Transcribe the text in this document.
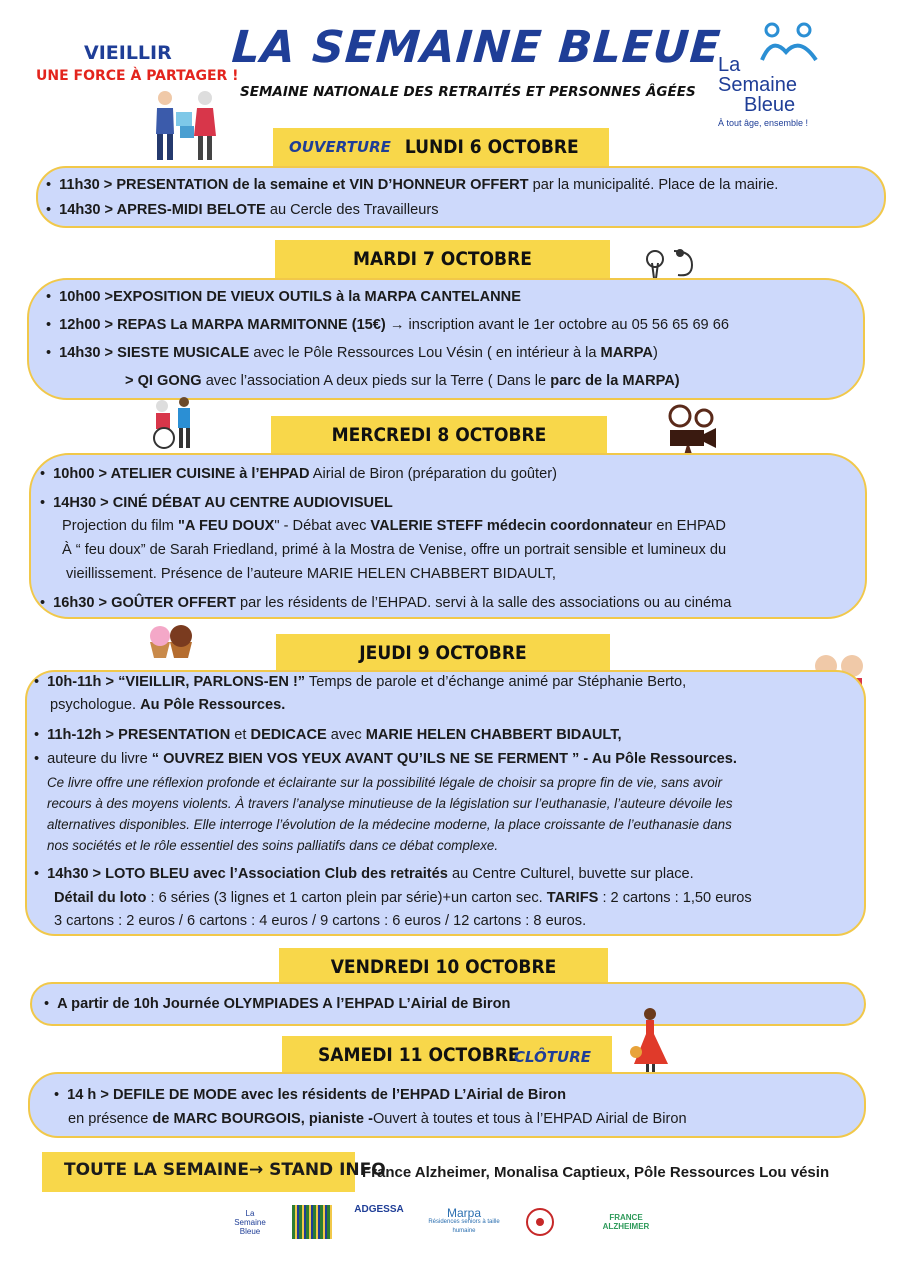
VIEILLIR
UNE FORCE À PARTAGER !
LA SEMAINE BLEUE
SEMAINE NATIONALE DES RETRAITÉS ET PERSONNES ÂGÉES
La
Semaine
Bleue
À tout âge, ensemble !
OUVERTURE LUNDI 6 OCTOBRE
• 11h30 > PRESENTATION de la semaine et VIN D’HONNEUR OFFERT par la municipalité. Place de la mairie.
• 14h30 > APRES-MIDI BELOTE au Cercle des Travailleurs
MARDI 7 OCTOBRE
• 10h00 >EXPOSITION DE VIEUX OUTILS à la MARPA CANTELANNE
• 12h00 > REPAS La MARPA MARMITONNE (15€) → inscription avant le 1er octobre au 05 56 65 69 66
• 14h30 > SIESTE MUSICALE avec le Pôle Ressources Lou Vésin ( en intérieur à la MARPA)
> QI GONG avec l’association A deux pieds sur la Terre ( Dans le parc de la MARPA)
MERCREDI 8 OCTOBRE
• 10h00 > ATELIER CUISINE à l’EHPAD Airial de Biron (préparation du goûter)
• 14H30 > CINÉ DÉBAT AU CENTRE AUDIOVISUEL
Projection du film "A FEU DOUX" - Débat avec VALERIE STEFF médecin coordonnateur en EHPAD
À “ feu doux” de Sarah Friedland, primé à la Mostra de Venise, offre un portrait sensible et lumineux du
vieillissement. Présence de l’auteure MARIE HELEN CHABBERT BIDAULT,
• 16h30 > GOÛTER OFFERT par les résidents de l’EHPAD. servi à la salle des associations ou au cinéma
JEUDI 9 OCTOBRE
• 10h-11h > “VIEILLIR, PARLONS-EN !” Temps de parole et d’échange animé par Stéphanie Berto,
psychologue. Au Pôle Ressources.
• 11h-12h > PRESENTATION et DEDICACE avec MARIE HELEN CHABBERT BIDAULT,
• auteure du livre “ OUVREZ BIEN VOS YEUX AVANT QU’ILS NE SE FERMENT ” - Au Pôle Ressources.
Ce livre offre une réflexion profonde et éclairante sur la possibilité légale de choisir sa propre fin de vie, sans avoir
recours à des moyens violents. À travers l’analyse minutieuse de la législation sur l’euthanasie, l’auteure dévoile les
alternatives disponibles. Elle interroge l’évolution de la médecine moderne, la place croissante de l’euthanasie dans
nos sociétés et le rôle essentiel des soins palliatifs dans ce débat complexe.
• 14h30 > LOTO BLEU avec l’Association Club des retraités au Centre Culturel, buvette sur place.
Détail du loto : 6 séries (3 lignes et 1 carton plein par série)+un carton sec. TARIFS : 2 cartons : 1,50 euros
3 cartons : 2 euros / 6 cartons : 4 euros / 9 cartons : 6 euros / 12 cartons : 8 euros.
VENDREDI 10 OCTOBRE
• A partir de 10h Journée OLYMPIADES A l’EHPAD L’Airial de Biron
SAMEDI 11 OCTOBRE
CLÔTURE
• 14 h > DEFILE DE MODE avec les résidents de l’EHPAD L’Airial de Biron
en présence de MARC BOURGOIS, pianiste -Ouvert à toutes et tous à l’EHPAD Airial de Biron
TOUTE LA SEMAINE→ STAND INFO
France Alzheimer, Monalisa Captieux, Pôle Ressources Lou vésin
La
Semaine
Bleue
ADGESSA	Marpa
Résidences seniors à taille humaine
FRANCE
ALZHEIMER
